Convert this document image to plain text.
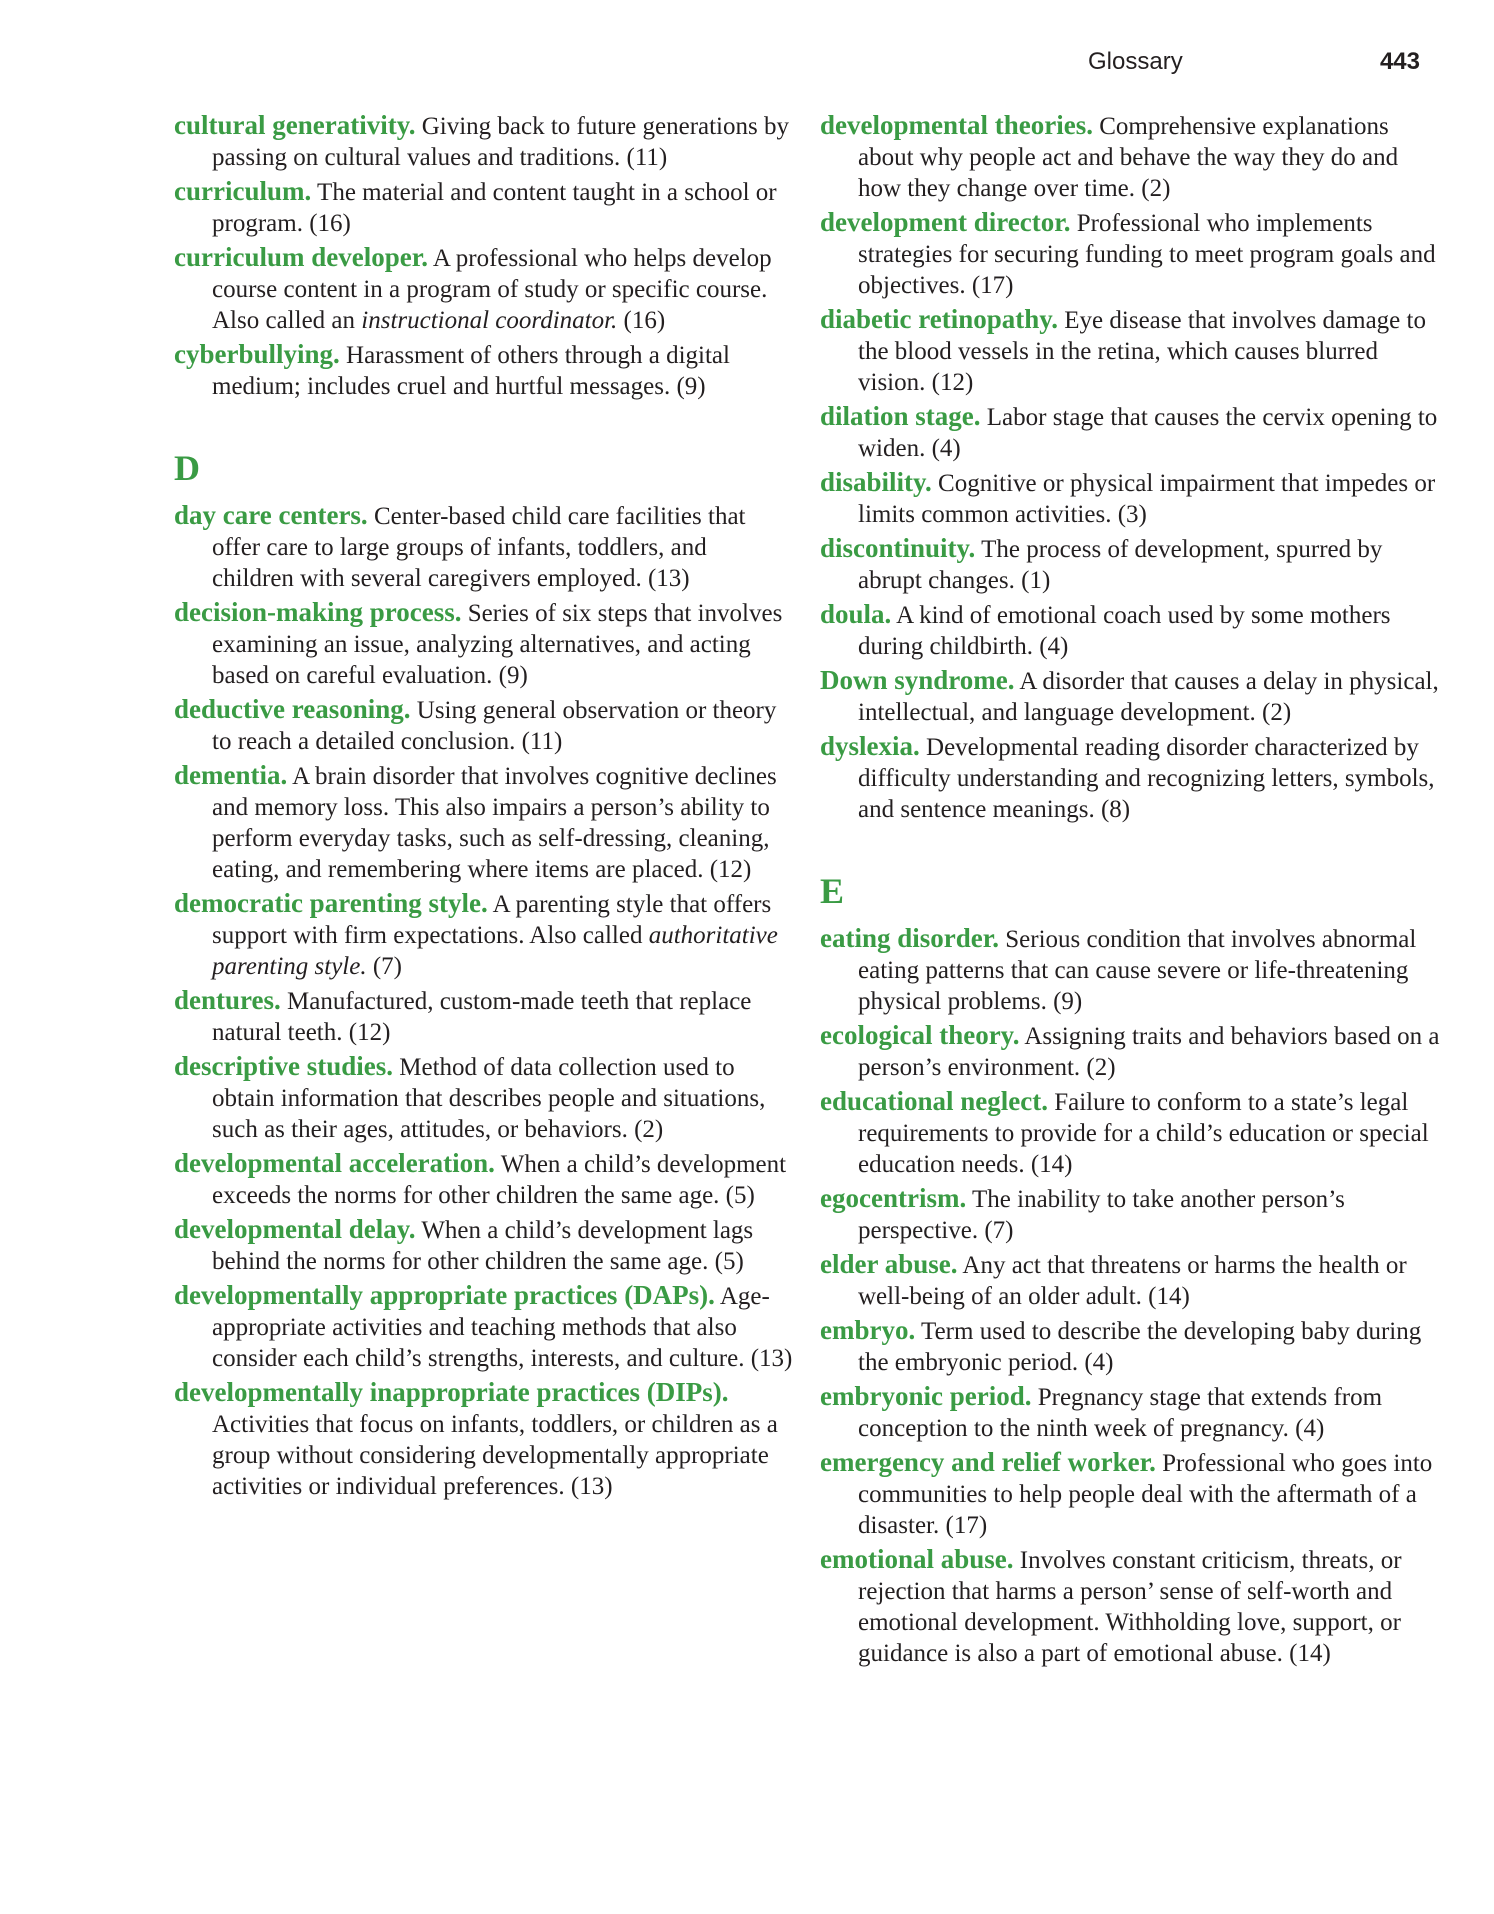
Glossary	443

cultural generativity. Giving back to future generations by passing on cultural values and traditions. (11)

curriculum. The material and content taught in a school or program. (16)

curriculum developer. A professional who helps develop course content in a program of study or specific course. Also called an instructional coordinator. (16)

cyberbullying. Harassment of others through a digital medium; includes cruel and hurtful messages. (9)

D

day care centers. Center-based child care facilities that offer care to large groups of infants, toddlers, and children with several caregivers employed. (13)

decision-making process. Series of six steps that involves examining an issue, analyzing alternatives, and acting based on careful evaluation. (9)

deductive reasoning. Using general observation or theory to reach a detailed conclusion. (11)

dementia. A brain disorder that involves cognitive declines and memory loss. This also impairs a person’s ability to perform everyday tasks, such as self-dressing, cleaning, eating, and remembering where items are placed. (12)

democratic parenting style. A parenting style that offers support with firm expectations. Also called authoritative parenting style. (7)

dentures. Manufactured, custom-made teeth that replace natural teeth. (12)

descriptive studies. Method of data collection used to obtain information that describes people and situations, such as their ages, attitudes, or behaviors. (2)

developmental acceleration. When a child’s development exceeds the norms for other children the same age. (5)

developmental delay. When a child’s development lags behind the norms for other children the same age. (5)

developmentally appropriate practices (DAPs). Age-appropriate activities and teaching methods that also consider each child’s strengths, interests, and culture. (13)

developmentally inappropriate practices (DIPs). Activities that focus on infants, toddlers, or children as a group without considering developmentally appropriate activities or individual preferences. (13)

developmental theories. Comprehensive explanations about why people act and behave the way they do and how they change over time. (2)

development director. Professional who implements strategies for securing funding to meet program goals and objectives. (17)

diabetic retinopathy. Eye disease that involves damage to the blood vessels in the retina, which causes blurred vision. (12)

dilation stage. Labor stage that causes the cervix opening to widen. (4)

disability. Cognitive or physical impairment that impedes or limits common activities. (3)

discontinuity. The process of development, spurred by abrupt changes. (1)

doula. A kind of emotional coach used by some mothers during childbirth. (4)

Down syndrome. A disorder that causes a delay in physical, intellectual, and language development. (2)

dyslexia. Developmental reading disorder characterized by difficulty understanding and recognizing letters, symbols, and sentence meanings. (8)

E

eating disorder. Serious condition that involves abnormal eating patterns that can cause severe or life-threatening physical problems. (9)

ecological theory. Assigning traits and behaviors based on a person’s environment. (2)

educational neglect. Failure to conform to a state’s legal requirements to provide for a child’s education or special education needs. (14)

egocentrism. The inability to take another person’s perspective. (7)

elder abuse. Any act that threatens or harms the health or well-being of an older adult. (14)

embryo. Term used to describe the developing baby during the embryonic period. (4)

embryonic period. Pregnancy stage that extends from conception to the ninth week of pregnancy. (4)

emergency and relief worker. Professional who goes into communities to help people deal with the aftermath of a disaster. (17)

emotional abuse. Involves constant criticism, threats, or rejection that harms a person’ sense of self-worth and emotional development. Withholding love, support, or guidance is also a part of emotional abuse. (14)
